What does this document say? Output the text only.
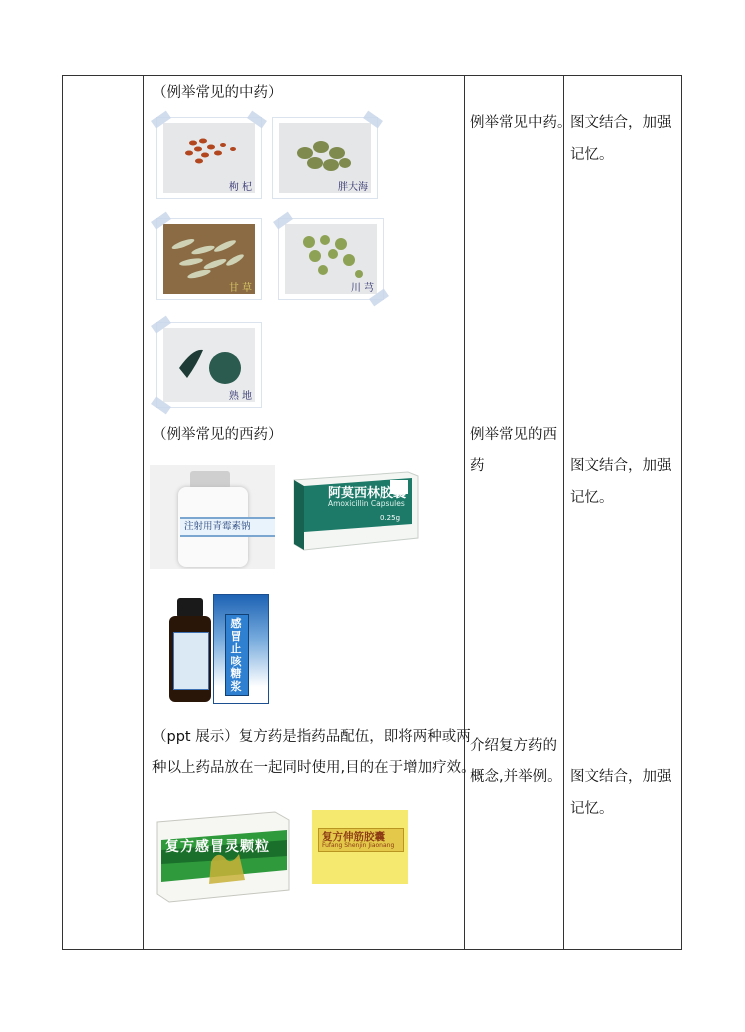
（例举常见的中药）
枸 杞	胖大海
甘 草	川 芎
熟 地
（例举常见的西药）
注射用青霉素钠
阿莫西林胶囊
Amoxicillin Capsules
0.25g
感冒止咳糖浆
（ppt 展示）复方药是指药品配伍，即将两种或两
种以上药品放在一起同时使用,目的在于增加疗效。
复方感冒灵颗粒
复方伸筋胶囊
Fufang Shenjin Jiaonang
例举常见中药。
例举常见的西
药
介绍复方药的
概念,并举例。
图文结合，加强
记忆。
图文结合，加强
记忆。
图文结合，加强
记忆。
